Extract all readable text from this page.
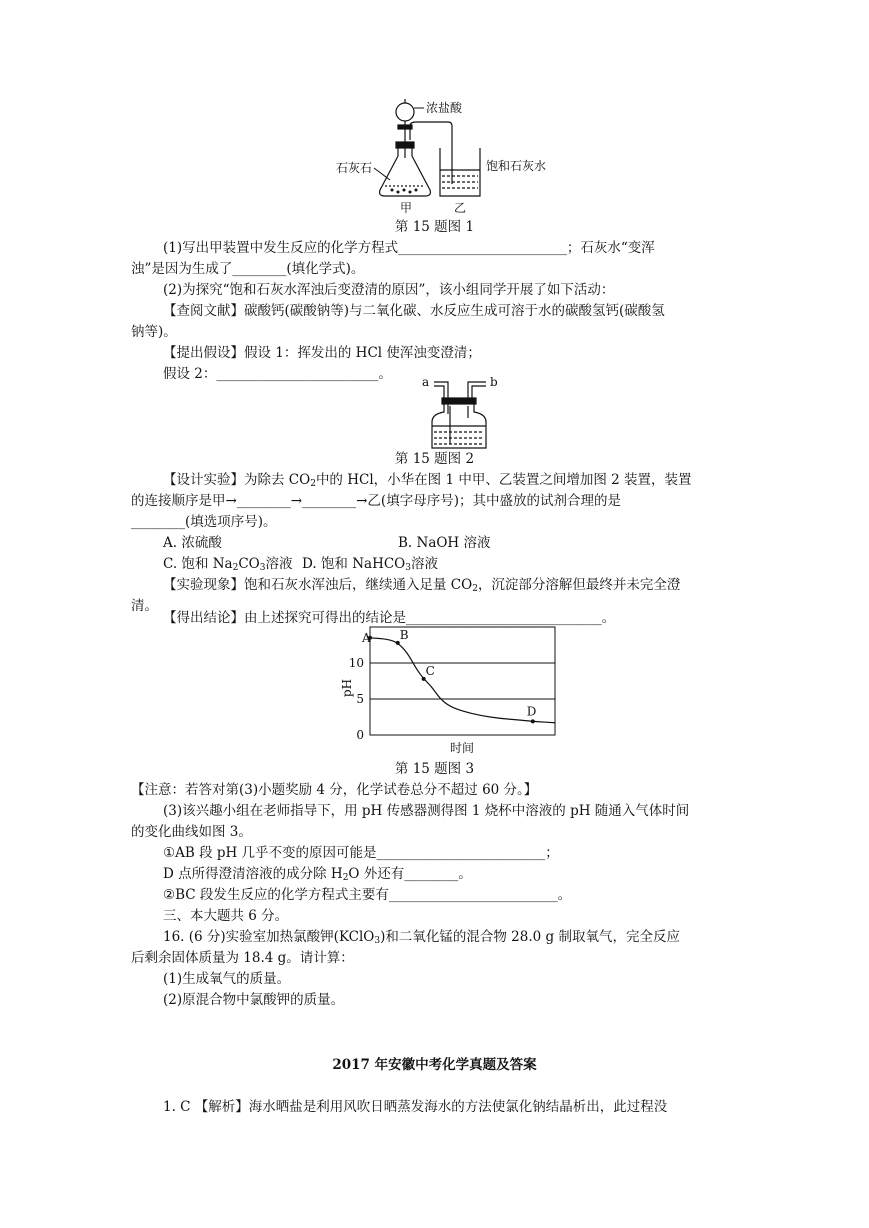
浓盐酸
石灰石	饱和石灰水
甲	乙
第 15 题图 1
(1)写出甲装置中发生反应的化学方程式_________________________；石灰水“变浑
浊”是因为生成了________(填化学式)。
(2)为探究“饱和石灰水浑浊后变澄清的原因”，该小组同学开展了如下活动：
【查阅文献】碳酸钙(碳酸钠等)与二氧化碳、水反应生成可溶于水的碳酸氢钙(碳酸氢
钠等)。
【提出假设】假设 1：挥发出的 HCl 使浑浊变澄清；
假设 2：________________________。	a	b
第 15 题图 2
【设计实验】为除去 $CO_2$中的 HCl，小华在图 1 中甲、乙装置之间增加图 2 装置，装置
的连接顺序是甲→________→________→乙(填字母序号)；其中盛放的试剂合理的是
________(填选项序号)。
A. 浓硫酸	B. NaOH 溶液
C. 饱和 $Na_2CO_3$溶液 D. 饱和 NaHCO$_3$溶液
【实验现象】饱和石灰水浑浊后，继续通入足量 $CO_2$，沉淀部分溶解但最终并未完全澄
清。
【得出结论】由上述探究可得出的结论是_____________________________。
0
5
10
pH
时间
A B
C
D
第 15 题图 3
【注意：若答对第(3)小题奖励 4 分，化学试卷总分不超过 60 分。】
(3)该兴趣小组在老师指导下，用 pH 传感器测得图 1 烧杯中溶液的 pH 随通入气体时间
的变化曲线如图 3。
①AB 段 pH 几乎不变的原因可能是_________________________；
D 点所得澄清溶液的成分除 $H_2O$ 外还有________。
②BC 段发生反应的化学方程式主要有_________________________。
三、本大题共 6 分。
16. (6 分)实验室加热氯酸钾(KClO$_3$)和二氧化锰的混合物 28.0 g 制取氧气，完全反应
后剩余固体质量为 18.4 g。请计算：
(1)生成氧气的质量。
(2)原混合物中氯酸钾的质量。
2017 年安徽中考化学真题及答案
1. C 【解析】海水晒盐是利用风吹日晒蒸发海水的方法使氯化钠结晶析出，此过程没
